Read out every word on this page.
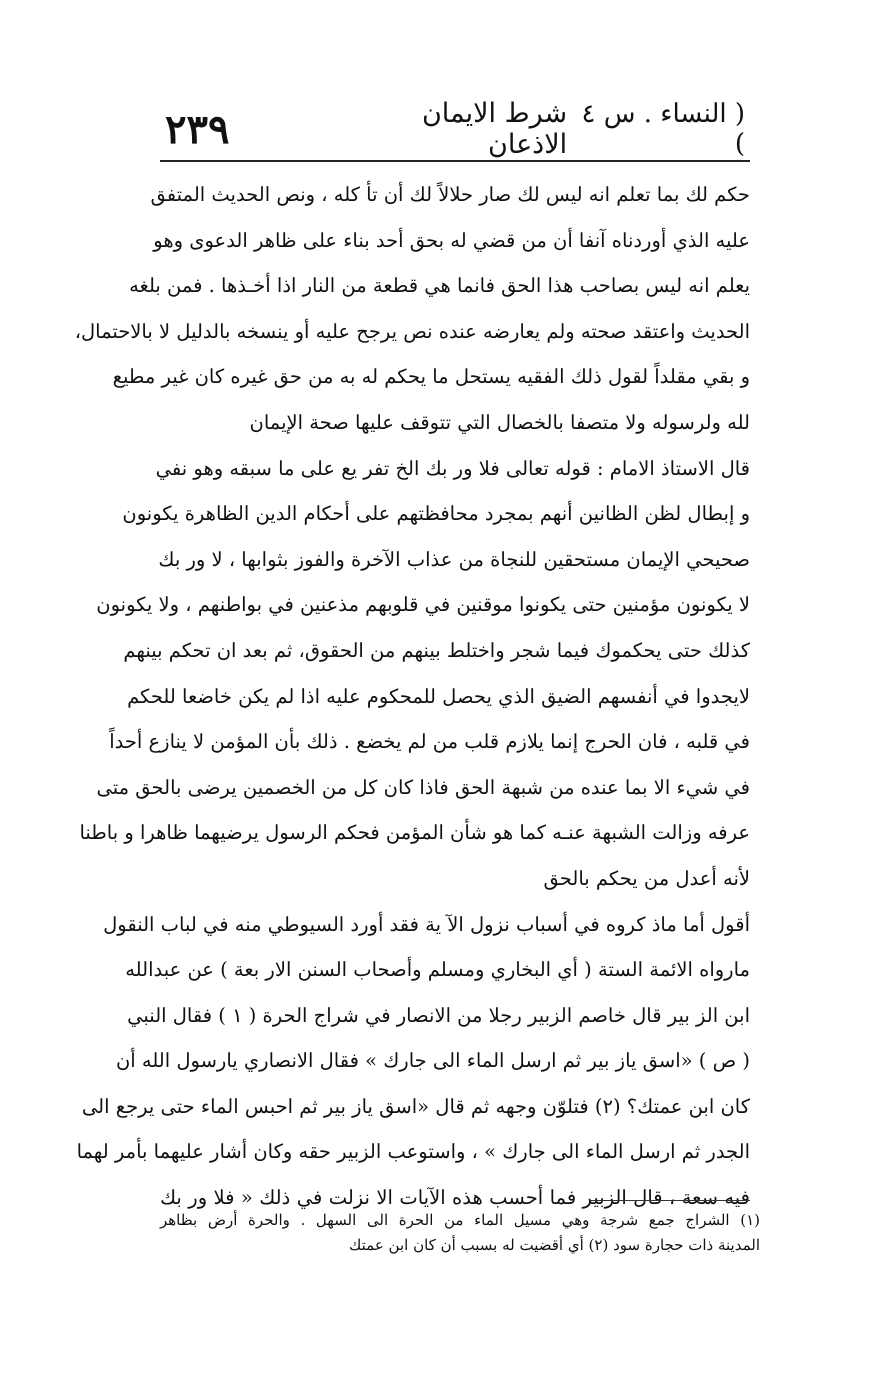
٢٣٩	شرط الايمان الاذعان
( النساء . س ٤ )

حكم لك بما تعلم انه ليس لك صار حلالاً لك أن تأ كله ، ونص الحديث المتفق
عليه الذي أوردناه آنفا أن من قضي له بحق أحد بناء على ظاهر الدعوى وهو
يعلم انه ليس بصاحب هذا الحق فانما هي قطعة من النار اذا أخـذها . فمن بلغه
الحديث واعتقد صحته ولم يعارضه عنده نص يرجح عليه أو ينسخه بالدليل لا بالاحتمال،
و بقي مقلداً لقول ذلك الفقيه يستحل ما يحكم له به من حق غيره كان غير مطيع
لله ولرسوله ولا متصفا بالخصال التي تتوقف عليها صحة الإيمان

قال الاستاذ الامام : قوله تعالى فلا ور بك الخ تفر يع على ما سبقه وهو نفي
و إبطال لظن الظانين أنهم بمجرد محافظتهم على أحكام الدين الظاهرة يكونون
صحيحي الإيمان مستحقين للنجاة من عذاب الآخرة والفوز بثوابها ، لا ور بك
لا يكونون مؤمنين حتى يكونوا موقنين في قلوبهم مذعنين في بواطنهم ، ولا يكونون
كذلك حتى يحكموك فيما شجر واختلط بينهم من الحقوق، ثم بعد ان تحكم بينهم
لايجدوا في أنفسهم الضيق الذي يحصل للمحكوم عليه اذا لم يكن خاضعا للحكم
في قلبه ، فان الحرج إنما يلازم قلب من لم يخضع . ذلك بأن المؤمن لا ينازع أحداً
في شيء الا بما عنده من شبهة الحق فاذا كان كل من الخصمين يرضى بالحق متى
عرفه وزالت الشبهة عنـه كما هو شأن المؤمن فحكم الرسول يرضيهما ظاهرا و باطنا
لأنه أعدل من يحكم بالحق

أقول أما ماذ كروه في أسباب نزول الآ ية فقد أورد السيوطي منه في لباب النقول
مارواه الائمة الستة ( أي البخاري ومسلم وأصحاب السنن الار بعة ) عن عبدالله
ابن الز بير قال خاصم الزبير رجلا من الانصار في شراج الحرة ( ١ ) فقال النبي
( ص ) «اسق ياز بير ثم ارسل الماء الى جارك » فقال الانصاري يارسول الله أن
كان ابن عمتك؟ (٢) فتلوّن وجهه ثم قال «اسق ياز بير ثم احبس الماء حتى يرجع الى
الجدر ثم ارسل الماء الى جارك » ، واستوعب الزبير حقه وكان أشار عليهما بأمر لهما
فيه سعة ، قال الزبير فما أحسب هذه الآيات الا نزلت في ذلك « فلا ور بك

(١) الشراج جمع شرجة وهي مسيل الماء من الحرة الى السهل . والحرة أرض بظاهر
المدينة ذات حجارة سود (٢) أي أقضيت له بسبب أن كان ابن عمتك
